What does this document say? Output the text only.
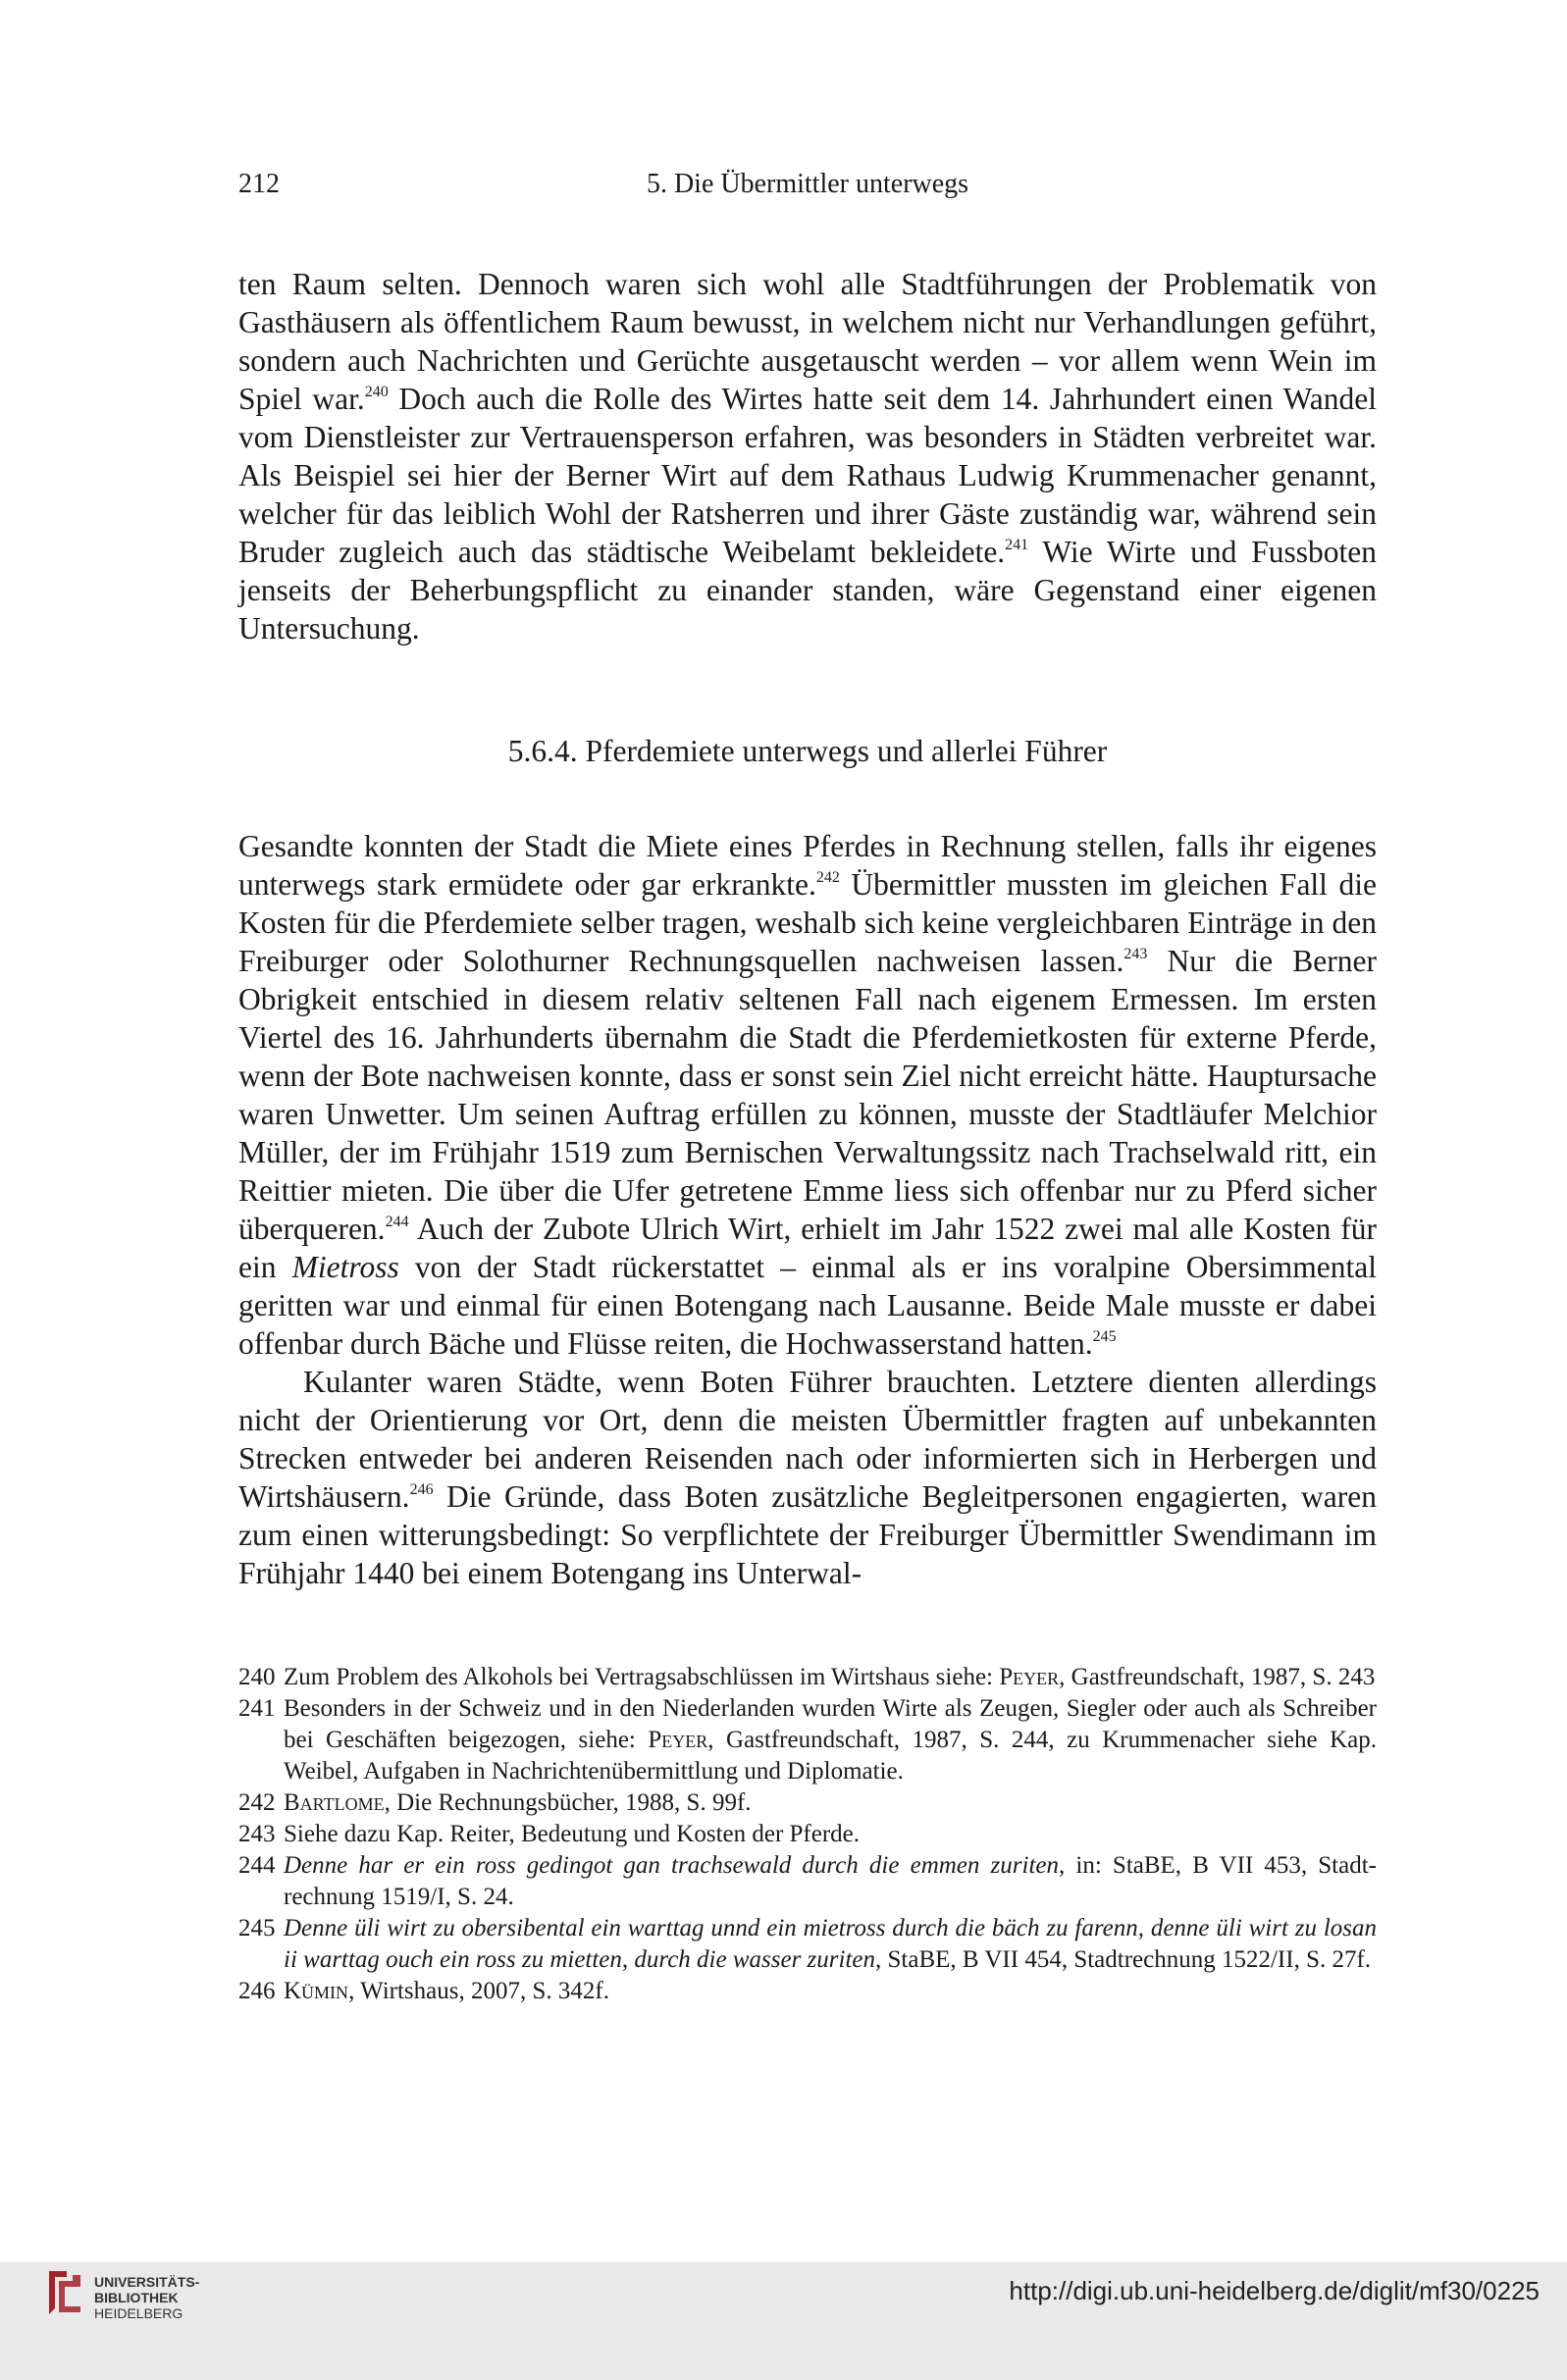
212	5. Die Übermittler unterwegs

ten Raum selten. Dennoch waren sich wohl alle Stadtführungen der Problematik von Gasthäusern als öffentlichem Raum bewusst, in welchem nicht nur Verhandlungen geführt, sondern auch Nachrichten und Gerüchte ausgetauscht werden – vor allem wenn Wein im Spiel war.$^{240}$ Doch auch die Rolle des Wirtes hatte seit dem 14. Jahrhundert einen Wandel vom Dienstleister zur Vertrauensperson erfahren, was besonders in Städten verbreitet war. Als Beispiel sei hier der Berner Wirt auf dem Rathaus Ludwig Krummenacher genannt, welcher für das leiblich Wohl der Ratsherren und ihrer Gäste zuständig war, während sein Bruder zugleich auch das städtische Weibelamt bekleidete.$^{241}$ Wie Wirte und Fussboten jenseits der Beherbungspflicht zu einander standen, wäre Gegenstand einer eigenen Untersuchung.

5.6.4. Pferdemiete unterwegs und allerlei Führer

Gesandte konnten der Stadt die Miete eines Pferdes in Rechnung stellen, falls ihr eigenes unterwegs stark ermüdete oder gar erkrankte.$^{242}$ Übermittler mussten im gleichen Fall die Kosten für die Pferdemiete selber tragen, weshalb sich keine vergleichbaren Einträge in den Freiburger oder Solothurner Rechnungsquellen nachweisen lassen.$^{243}$ Nur die Berner Obrigkeit entschied in diesem relativ seltenen Fall nach eigenem Ermessen. Im ersten Viertel des 16. Jahrhunderts übernahm die Stadt die Pferdemietkosten für externe Pferde, wenn der Bote nachweisen konnte, dass er sonst sein Ziel nicht erreicht hätte. Hauptursache waren Unwetter. Um seinen Auftrag erfüllen zu können, musste der Stadtläufer Melchior Müller, der im Frühjahr 1519 zum Bernischen Verwaltungssitz nach Trachselwald ritt, ein Reittier mieten. Die über die Ufer getretene Emme liess sich offenbar nur zu Pferd sicher überqueren.$^{244}$ Auch der Zubote Ulrich Wirt, erhielt im Jahr 1522 zwei mal alle Kosten für ein Mietross von der Stadt rückerstattet – einmal als er ins voralpine Obersimmental geritten war und einmal für einen Botengang nach Lausanne. Beide Male musste er dabei offenbar durch Bäche und Flüsse reiten, die Hochwasserstand hatten.$^{245}$

Kulanter waren Städte, wenn Boten Führer brauchten. Letztere dienten allerdings nicht der Orientierung vor Ort, denn die meisten Übermittler fragten auf unbekannten Strecken entweder bei anderen Reisenden nach oder informierten sich in Herbergen und Wirtshäusern.$^{246}$ Die Gründe, dass Boten zusätzliche Begleitpersonen engagierten, waren zum einen witterungsbedingt: So verpflichtete der Freiburger Übermittler Swendimann im Frühjahr 1440 bei einem Botengang ins Unterwal-

240 Zum Problem des Alkohols bei Vertragsabschlüssen im Wirtshaus siehe: Peyer, Gastfreundschaft, 1987, S. 243
241 Besonders in der Schweiz und in den Niederlanden wurden Wirte als Zeugen, Siegler oder auch als Schreiber bei Geschäften beigezogen, siehe: Peyer, Gastfreundschaft, 1987, S. 244, zu Krummenacher siehe Kap. Weibel, Aufgaben in Nachrichtenübermittlung und Diplomatie.
242 Bartlome, Die Rechnungsbücher, 1988, S. 99f.
243 Siehe dazu Kap. Reiter, Bedeutung und Kosten der Pferde.
244 Denne har er ein ross gedingot gan trachsewald durch die emmen zuriten, in: StaBE, B VII 453, Stadtrechnung 1519/I, S. 24.
245 Denne üli wirt zu obersibental ein warttag unnd ein mietross durch die bäch zu farenn, denne üli wirt zu losan ii warttag ouch ein ross zu mietten, durch die wasser zuriten, StaBE, B VII 454, Stadtrechnung 1522/II, S. 27f.
246 Kümin, Wirtshaus, 2007, S. 342f.
UNIVERSITÄTS-
BIBLIOTHEK
HEIDELBERG
http://digi.ub.uni-heidelberg.de/diglit/mf30/0225
